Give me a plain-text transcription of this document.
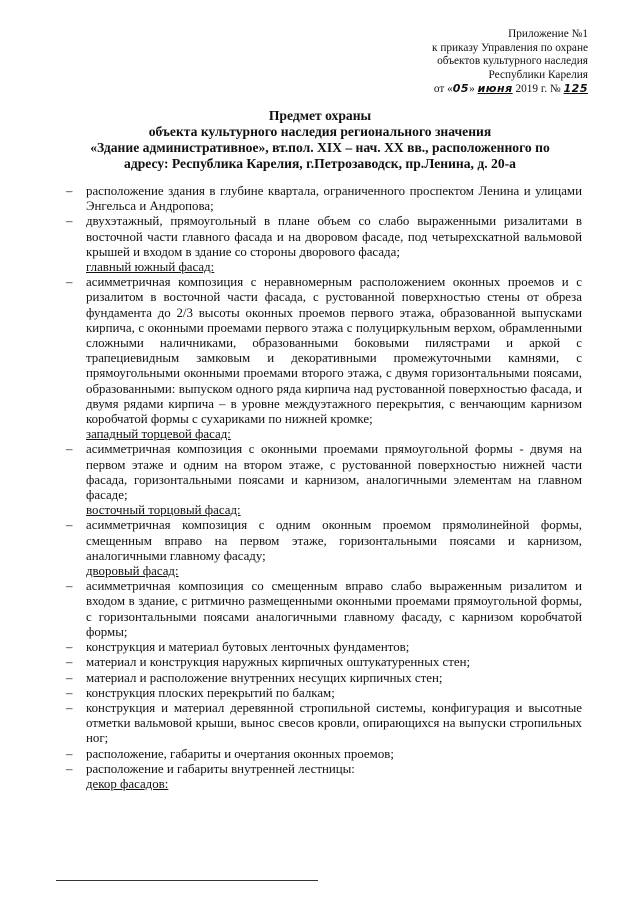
Приложение №1
к приказу Управления по охране
объектов культурного наследия
Республики Карелия
от «05» июня 2019 г. № 125
Предмет охраны
объекта культурного наследия регионального значения
«Здание административное», вт.пол. XIX – нач. XX вв., расположенного по
адресу: Республика Карелия, г.Петрозаводск, пр.Ленина, д. 20-а

– расположение здания в глубине квартала, ограниченного проспектом Ленина и улицами Энгельса и Андропова;

– двухэтажный, прямоугольный в плане объем со слабо выраженными ризалитами в восточной части главного фасада и на дворовом фасаде, под четырехскатной вальмовой крышей и входом в здание со стороны дворового фасада;

главный южный фасад:

– асимметричная композиция с неравномерным расположением оконных проемов и с ризалитом в восточной части фасада, с рустованной поверхностью стены от обреза фундамента до 2/3 высоты оконных проемов первого этажа, образованной выпусками кирпича, с оконными проемами первого этажа с полуциркульным верхом, обрамленными сложными наличниками, образованными боковыми пилястрами и аркой с трапециевидным замковым и декоративными промежуточными камнями, с прямоугольными оконными проемами второго этажа, с двумя горизонтальными поясами, образованными: выпуском одного ряда кирпича над рустованной поверхностью фасада, и двумя рядами кирпича – в уровне междуэтажного перекрытия, с венчающим карнизом коробчатой формы с сухариками по нижней кромке;

западный торцевой фасад:

– асимметричная композиция с оконными проемами прямоугольной формы - двумя на первом этаже и одним на втором этаже, с рустованной поверхностью нижней части фасада, горизонтальными поясами и карнизом, аналогичными элементам на главном фасаде;

восточный торцовый фасад:

– асимметричная композиция с одним оконным проемом прямолинейной формы, смещенным вправо на первом этаже, горизонтальными поясами и карнизом, аналогичными главному фасаду;

дворовый фасад:

– асимметричная композиция со смещенным вправо слабо выраженным ризалитом и входом в здание, с ритмично размещенными оконными проемами прямоугольной формы, с горизонтальными поясами аналогичными главному фасаду, с карнизом коробчатой формы;

– конструкция и материал бутовых ленточных фундаментов;

– материал и конструкция наружных кирпичных оштукатуренных стен;

– материал и расположение внутренних несущих кирпичных стен;

– конструкция плоских перекрытий по балкам;

– конструкция и материал деревянной стропильной системы, конфигурация и высотные отметки вальмовой крыши, вынос свесов кровли, опирающихся на выпуски стропильных ног;

– расположение, габариты и очертания оконных проемов;

– расположение и габариты внутренней лестницы:

декор фасадов:
